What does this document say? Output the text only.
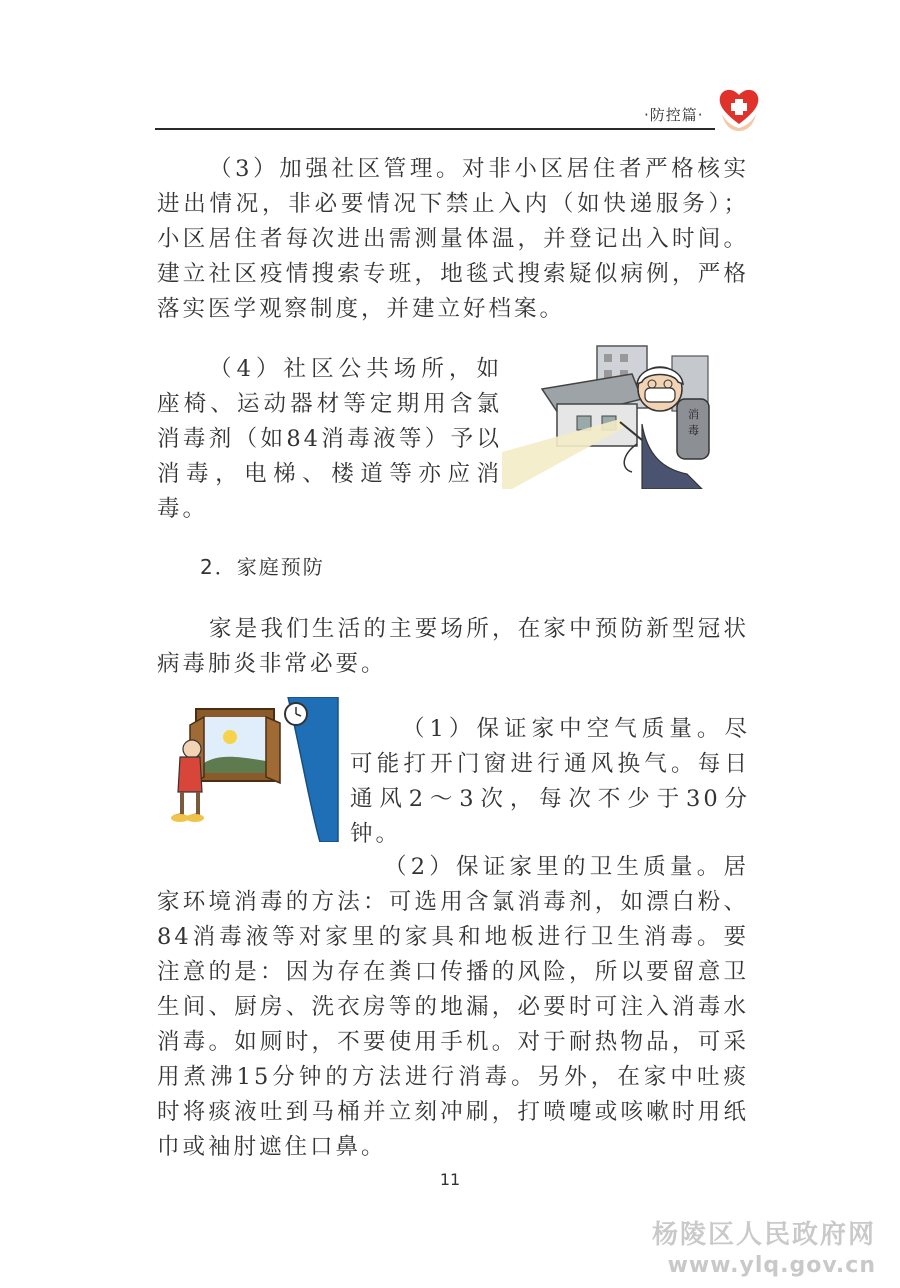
·防控篇·

（3）加强社区管理。对非小区居住者严格核实进出情况，非必要情况下禁止入内（如快递服务）；小区居住者每次进出需测量体温，并登记出入时间。建立社区疫情搜索专班，地毯式搜索疑似病例，严格落实医学观察制度，并建立好档案。

（4）社区公共场所，如座椅、运动器材等定期用含氯消毒剂（如84消毒液等）予以消毒，电梯、楼道等亦应消毒。

消
毒
2．家庭预防

家是我们生活的主要场所，在家中预防新型冠状病毒肺炎非常必要。

（1）保证家中空气质量。尽可能打开门窗进行通风换气。每日通风2～3次，每次不少于30分钟。

（2）保证家里的卫生质量。居家环境消毒的方法：可选用含氯消毒剂，如漂白粉、84消毒液等对家里的家具和地板进行卫生消毒。要注意的是：因为存在粪口传播的风险，所以要留意卫生间、厨房、洗衣房等的地漏，必要时可注入消毒水消毒。如厕时，不要使用手机。对于耐热物品，可采用煮沸15分钟的方法进行消毒。另外，在家中吐痰时将痰液吐到马桶并立刻冲刷，打喷嚏或咳嗽时用纸巾或袖肘遮住口鼻。

11
杨陵区人民政府网
www.ylq.gov.cn
